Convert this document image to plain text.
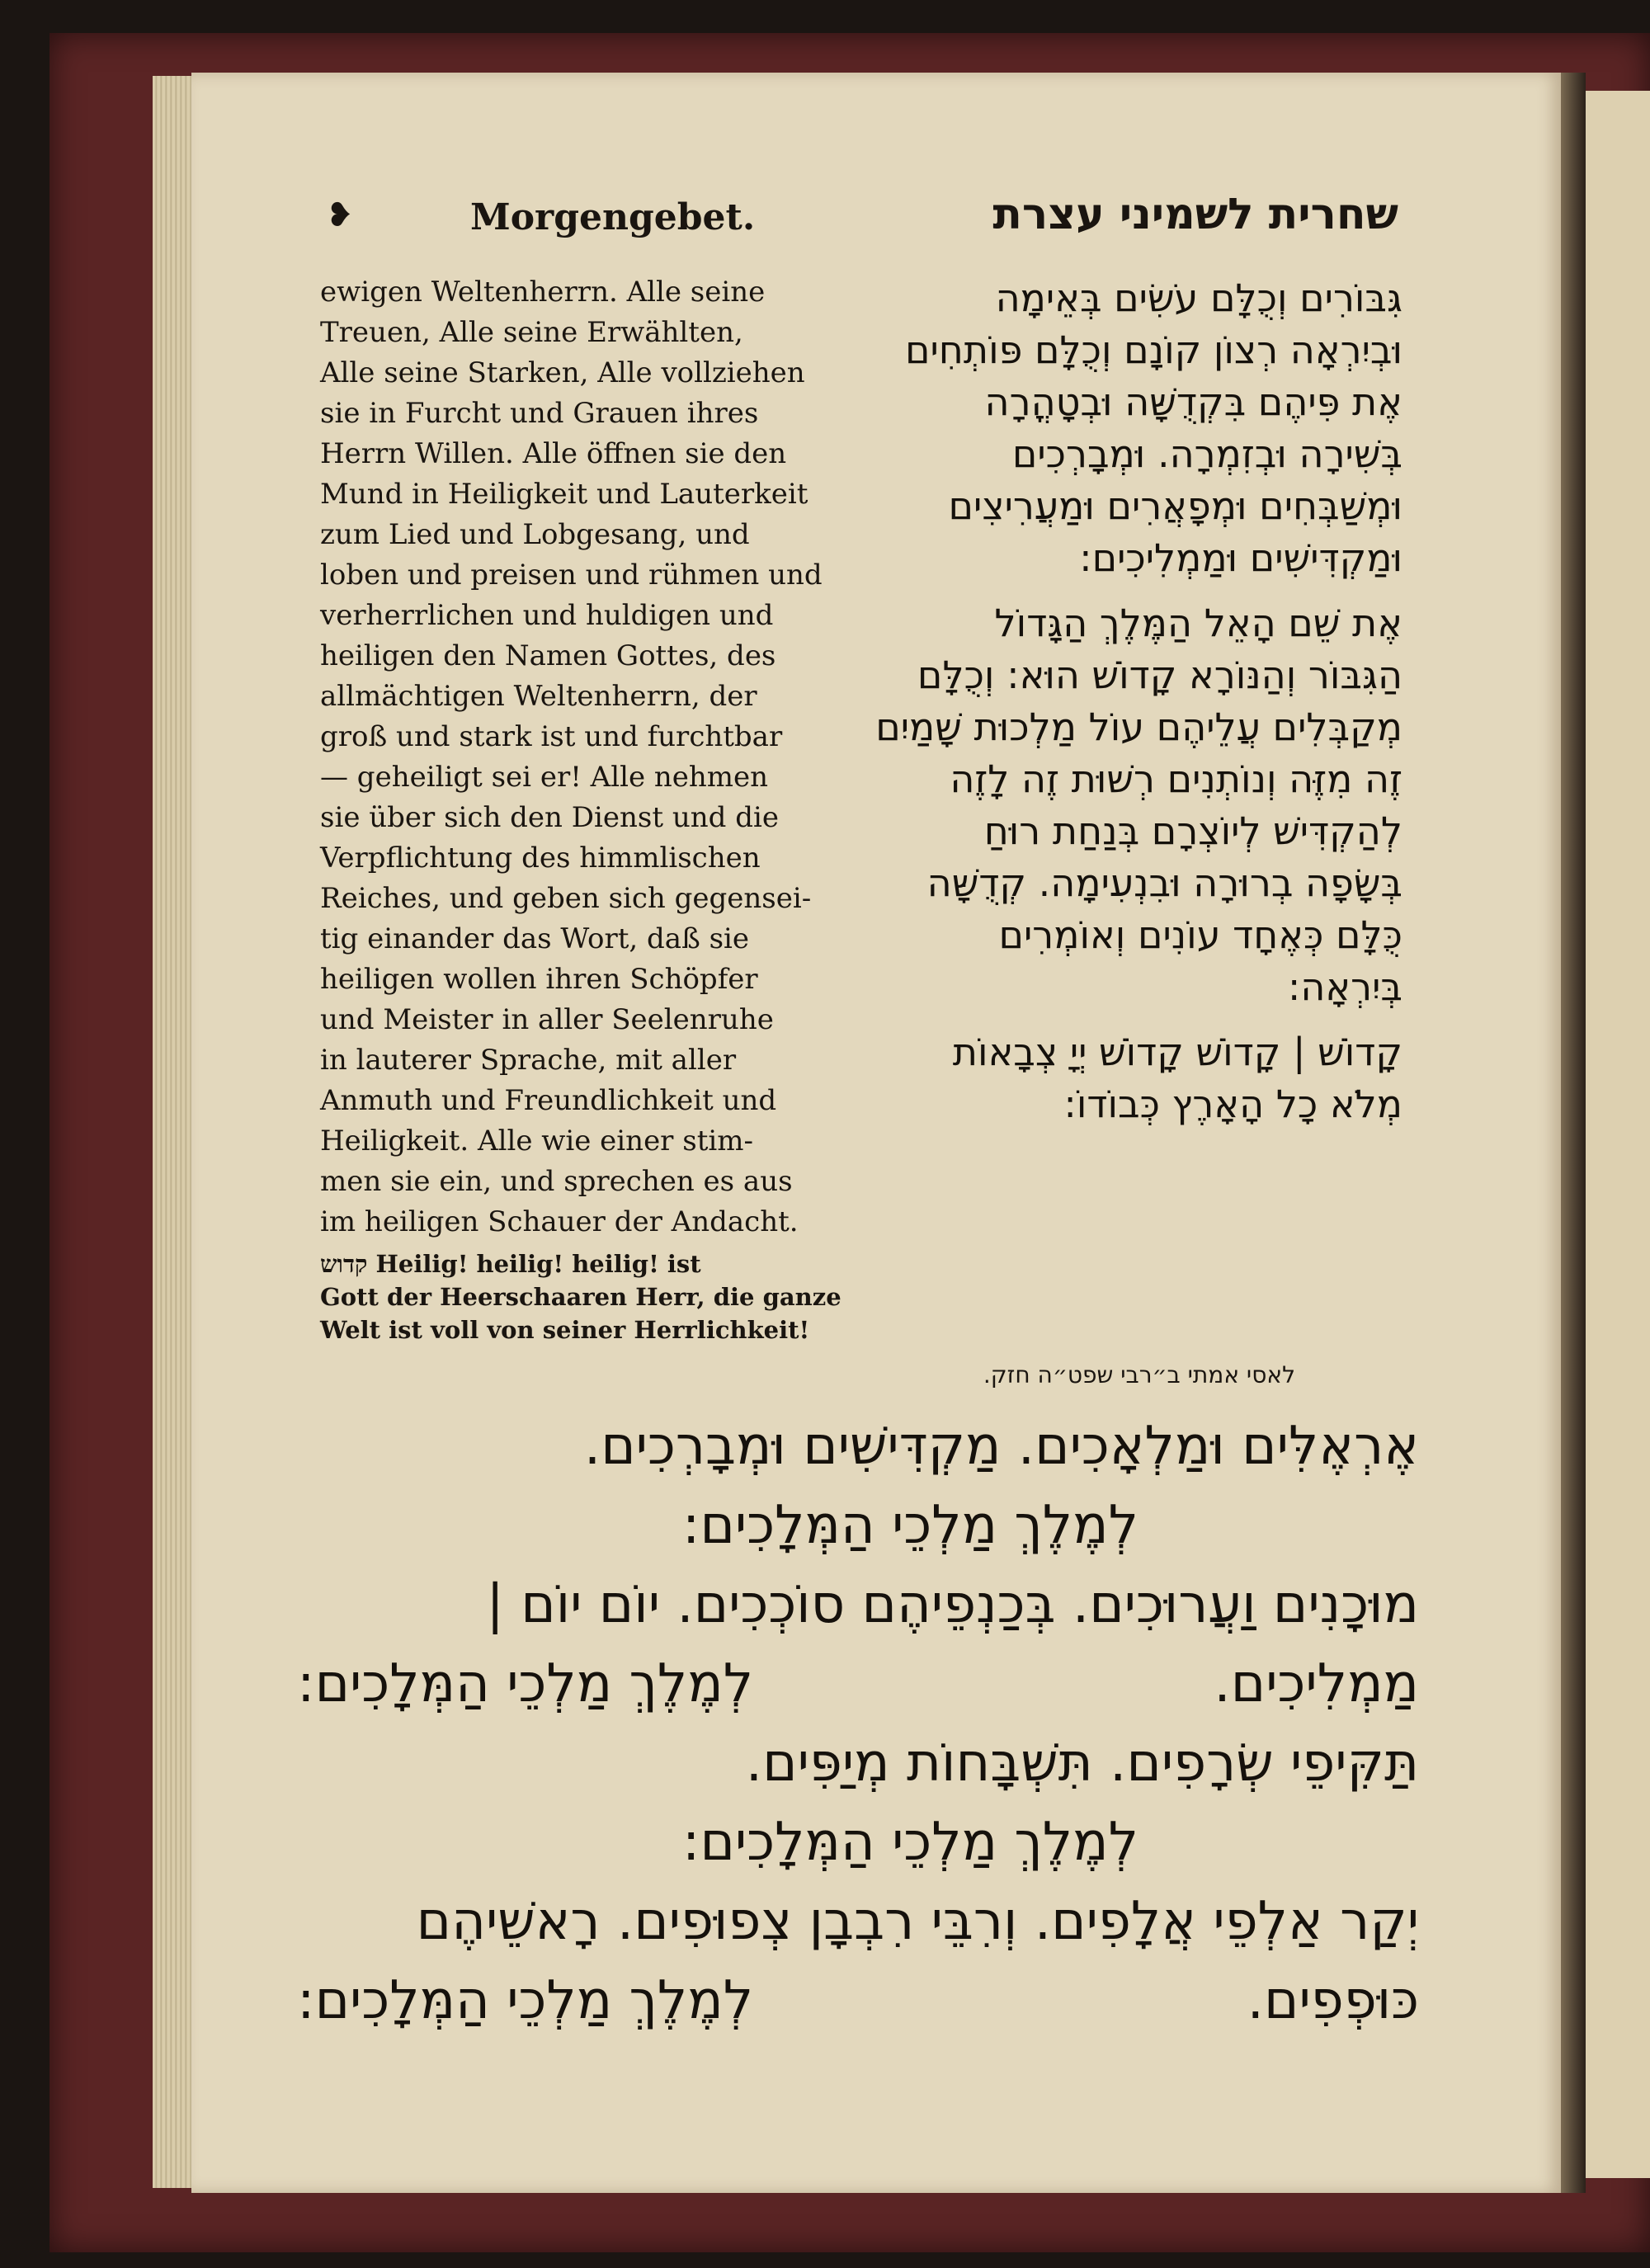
❥	Morgengebet.	שחרית לשמיני עצרת
ewigen Weltenherrn. Alle seine
Treuen, Alle seine Erwählten,
Alle seine Starken, Alle vollziehen
sie in Furcht und Grauen ihres
Herrn Willen. Alle öffnen sie den
Mund in Heiligkeit und Lauterkeit
zum Lied und Lobgesang, und
loben und preisen und rühmen und
verherrlichen und huldigen und
heiligen den Namen Gottes, des
allmächtigen Weltenherrn, der
groß und stark ist und furchtbar
— geheiligt sei er! Alle nehmen
sie über sich den Dienst und die
Verpflichtung des himmlischen
Reiches, und geben sich gegensei-
tig einander das Wort, daß sie
heiligen wollen ihren Schöpfer
und Meister in aller Seelenruhe
in lauterer Sprache, mit aller
Anmuth und Freundlichkeit und
Heiligkeit. Alle wie einer stim-
men sie ein, und sprechen es aus
im heiligen Schauer der Andacht.
קדוש Heilig! heilig! heilig! ist
Gott der Heerschaaren Herr, die ganze
Welt ist voll von seiner Herrlichkeit!
גִּבּוֹרִים וְכֻלָּם עֹשִׂים בְּאֵימָה
וּבְיִרְאָה רְצוֹן קוֹנָם וְכֻלָּם פּוֹתְחִים
אֶת פִּיהֶם בִּקְדֻשָּׁה וּבְטָהֳרָה
בְּשִׁירָה וּבְזִמְרָה. וּמְבָרְכִים
וּמְשַׁבְּחִים וּמְפָאֲרִים וּמַעֲרִיצִים
וּמַקְדִּישִׁים וּמַמְלִיכִים:
אֶת שֵׁם הָאֵל הַמֶּלֶךְ הַגָּדוֹל
הַגִּבּוֹר וְהַנּוֹרָא קָדוֹשׁ הוּא: וְכֻלָּם
מְקַבְּלִים עֲלֵיהֶם עוֹל מַלְכוּת שָׁמַיִם
זֶה מִזֶּה וְנוֹתְנִים רְשׁוּת זֶה לָזֶה
לְהַקְדִּישׁ לְיוֹצְרָם בְּנַחַת רוּחַ
בְּשָׂפָה בְרוּרָה וּבִנְעִימָה. קְדֻשָּׁה
כֻּלָּם כְּאֶחָד עוֹנִים וְאוֹמְרִים
בְּיִרְאָה:
קָדוֹשׁ | קָדוֹשׁ קָדוֹשׁ יְיָ צְבָאוֹת
מְלֹא כָל הָאָרֶץ כְּבוֹדוֹ:
לאסי אמתי ב״רבי שפט״ה חזק.
אֶרְאֶלִּים וּמַלְאָכִים. מַקְדִּישִׁים וּמְבָרְכִים.
לְמֶלֶךְ מַלְכֵי הַמְּלָכִים:
מוּכָנִים וַעֲרוּכִים. בְּכַנְפֵיהֶם סוֹכְכִים. יוֹם יוֹם |
מַמְלִיכִים.
לְמֶלֶךְ מַלְכֵי הַמְּלָכִים:
תַּקִּיפֵי שְׂרָפִים. תִּשְׁבָּחוֹת מְיַפִּים.
לְמֶלֶךְ מַלְכֵי הַמְּלָכִים:
יְקַר אַלְפֵי אֲלָפִים. וְרִבֵּי רִבְבָן צְפוּפִים. רָאשֵׁיהֶם
כּוּפְפִים.
לְמֶלֶךְ מַלְכֵי הַמְּלָכִים:
